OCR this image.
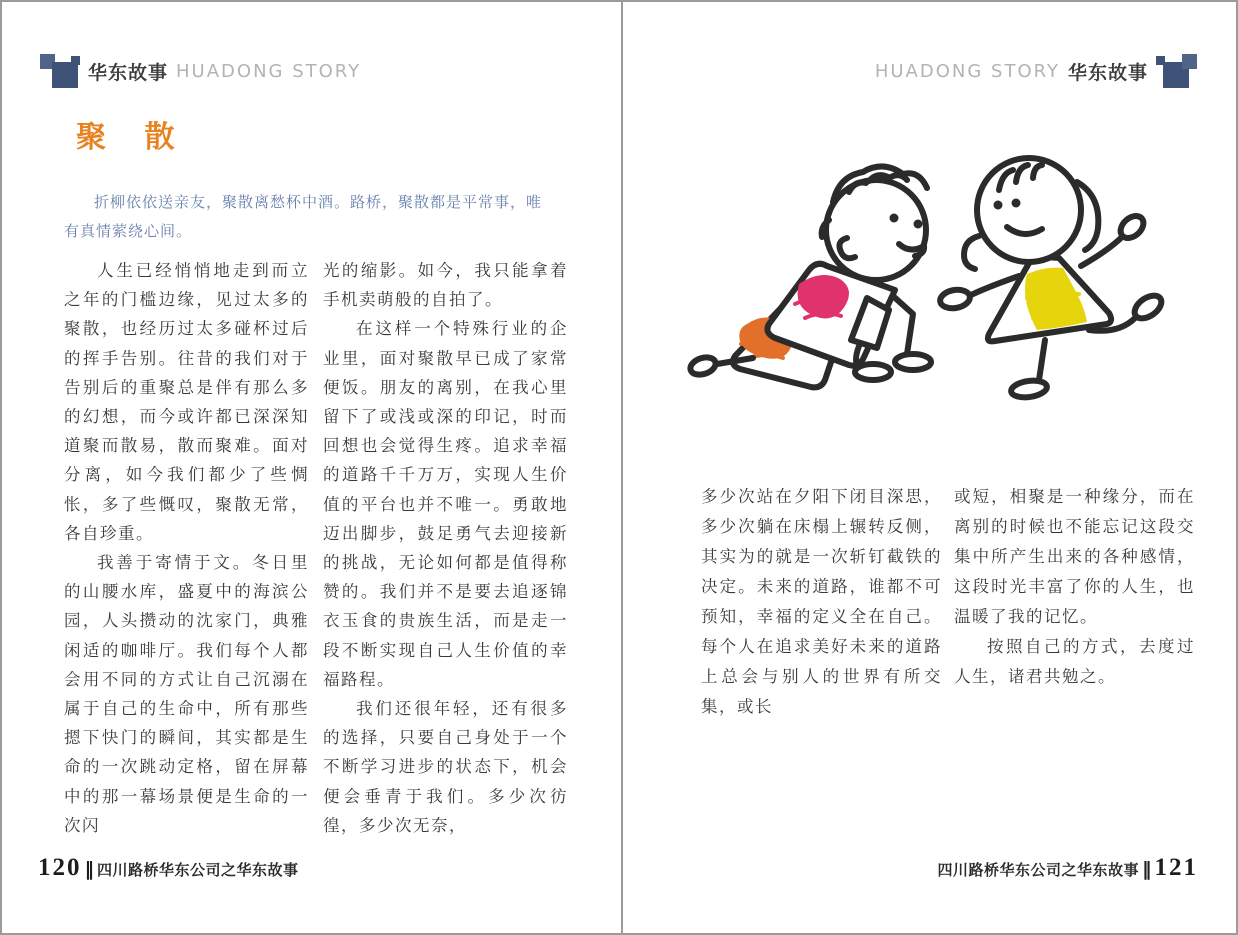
华东故事 HUADONG STORY
聚 散
折柳依依送亲友，聚散离愁杯中酒。路桥，聚散都是平常事，唯有真情萦绕心间。

人生已经悄悄地走到而立之年的门槛边缘，见过太多的聚散，也经历过太多碰杯过后的挥手告别。往昔的我们对于告别后的重聚总是伴有那么多的幻想，而今或许都已深深知道聚而散易，散而聚难。面对分离，如今我们都少了些惆怅，多了些慨叹，聚散无常，各自珍重。

我善于寄情于文。冬日里的山腰水库，盛夏中的海滨公园，人头攒动的沈家门，典雅闲适的咖啡厅。我们每个人都会用不同的方式让自己沉溺在属于自己的生命中，所有那些摁下快门的瞬间，其实都是生命的一次跳动定格，留在屏幕中的那一幕场景便是生命的一次闪

光的缩影。如今，我只能拿着手机卖萌般的自拍了。

在这样一个特殊行业的企业里，面对聚散早已成了家常便饭。朋友的离别，在我心里留下了或浅或深的印记，时而回想也会觉得生疼。追求幸福的道路千千万万，实现人生价值的平台也并不唯一。勇敢地迈出脚步，鼓足勇气去迎接新的挑战，无论如何都是值得称赞的。我们并不是要去追逐锦衣玉食的贵族生活，而是走一段不断实现自己人生价值的幸福路程。

我们还很年轻，还有很多的选择，只要自己身处于一个不断学习进步的状态下，机会便会垂青于我们。多少次彷徨，多少次无奈，

120 ‖ 四川路桥华东公司之华东故事
HUADONG STORY 华东故事

多少次站在夕阳下闭目深思，多少次躺在床榻上辗转反侧，其实为的就是一次斩钉截铁的决定。未来的道路，谁都不可预知，幸福的定义全在自己。每个人在追求美好未来的道路上总会与别人的世界有所交集，或长

或短，相聚是一种缘分，而在离别的时候也不能忘记这段交集中所产生出来的各种感情，这段时光丰富了你的人生，也温暖了我的记忆。

按照自己的方式，去度过人生，诸君共勉之。

四川路桥华东公司之华东故事 ‖ 121
